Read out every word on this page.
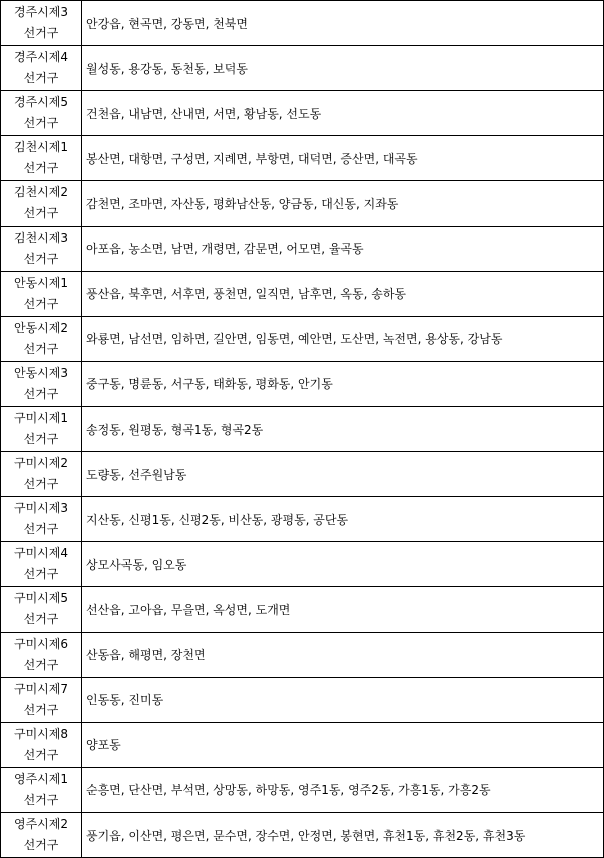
경주시제3
선거구
안강읍, 현곡면, 강동면, 천북면
경주시제4
선거구
월성동, 용강동, 동천동, 보덕동
경주시제5
선거구
건천읍, 내남면, 산내면, 서면, 황남동, 선도동
김천시제1
선거구
봉산면, 대항면, 구성면, 지례면, 부항면, 대덕면, 증산면, 대곡동
김천시제2
선거구
감천면, 조마면, 자산동, 평화남산동, 양금동, 대신동, 지좌동
김천시제3
선거구
아포읍, 농소면, 남면, 개령면, 감문면, 어모면, 율곡동
안동시제1
선거구
풍산읍, 북후면, 서후면, 풍천면, 일직면, 남후면, 옥동, 송하동
안동시제2
선거구
와룡면, 남선면, 임하면, 길안면, 임동면, 예안면, 도산면, 녹전면, 용상동, 강남동
안동시제3
선거구
중구동, 명륜동, 서구동, 태화동, 평화동, 안기동
구미시제1
선거구
송정동, 원평동, 형곡1동, 형곡2동
구미시제2
선거구
도량동, 선주원남동
구미시제3
선거구
지산동, 신평1동, 신평2동, 비산동, 광평동, 공단동
구미시제4
선거구
상모사곡동, 임오동
구미시제5
선거구
선산읍, 고아읍, 무을면, 옥성면, 도개면
구미시제6
선거구
산동읍, 해평면, 장천면
구미시제7
선거구
인동동, 진미동
구미시제8
선거구
양포동
영주시제1
선거구
순흥면, 단산면, 부석면, 상망동, 하망동, 영주1동, 영주2동, 가흥1동, 가흥2동
영주시제2
선거구
풍기읍, 이산면, 평은면, 문수면, 장수면, 안정면, 봉현면, 휴천1동, 휴천2동, 휴천3동
